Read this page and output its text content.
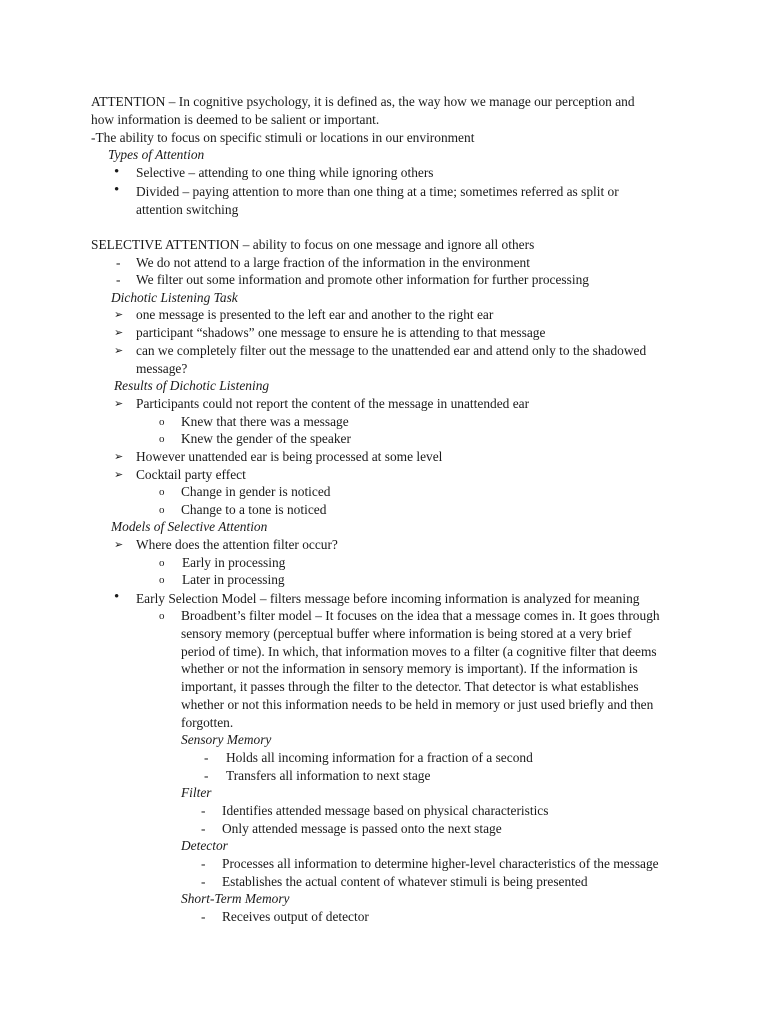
ATTENTION – In cognitive psychology, it is defined as, the way how we manage our perception and
how information is deemed to be salient or important.
-The ability to focus on specific stimuli or locations in our environment
Types of Attention
• Selective – attending to one thing while ignoring others
• Divided – paying attention to more than one thing at a time; sometimes referred as split or
attention switching
SELECTIVE ATTENTION – ability to focus on one message and ignore all others
- We do not attend to a large fraction of the information in the environment
- We filter out some information and promote other information for further processing
Dichotic Listening Task
➢ one message is presented to the left ear and another to the right ear
➢ participant “shadows” one message to ensure he is attending to that message
➢ can we completely filter out the message to the unattended ear and attend only to the shadowed
message?
Results of Dichotic Listening
➢ Participants could not report the content of the message in unattended ear
o Knew that there was a message
o Knew the gender of the speaker
➢ However unattended ear is being processed at some level
➢ Cocktail party effect
o Change in gender is noticed
o Change to a tone is noticed
Models of Selective Attention
➢ Where does the attention filter occur?
o Early in processing
o Later in processing
• Early Selection Model – filters message before incoming information is analyzed for meaning
o Broadbent’s filter model – It focuses on the idea that a message comes in. It goes through
sensory memory (perceptual buffer where information is being stored at a very brief
period of time). In which, that information moves to a filter (a cognitive filter that deems
whether or not the information in sensory memory is important). If the information is
important, it passes through the filter to the detector. That detector is what establishes
whether or not this information needs to be held in memory or just used briefly and then
forgotten.
Sensory Memory
- Holds all incoming information for a fraction of a second
- Transfers all information to next stage
Filter
- Identifies attended message based on physical characteristics
- Only attended message is passed onto the next stage
Detector
- Processes all information to determine higher-level characteristics of the message
- Establishes the actual content of whatever stimuli is being presented
Short-Term Memory
- Receives output of detector
